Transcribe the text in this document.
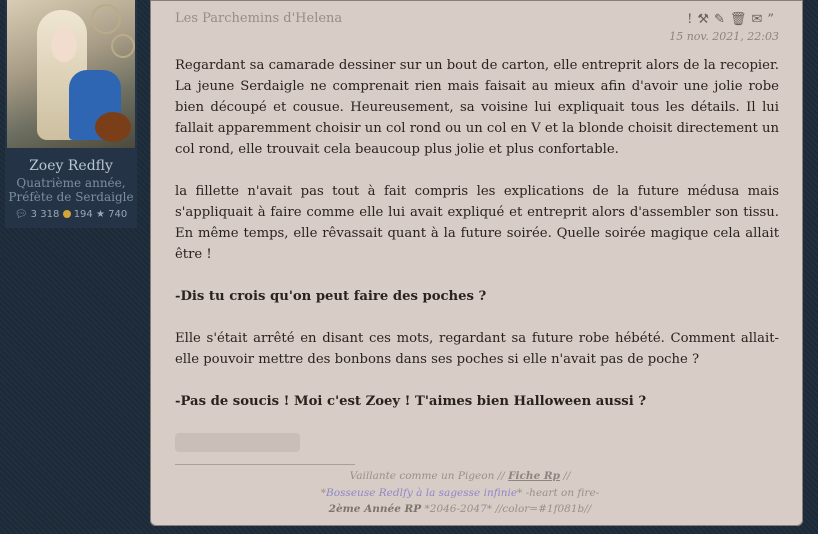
Zoey Redfly
Quatrième année,
Préfète de Serdaigle
💬︎ 3 318 194 ★ 740
Les Parchemins d'Helena	!⚒✎🗑︎✉”
15 nov. 2021, 22:03

Regardant sa camarade dessiner sur un bout de carton, elle entreprit alors de la recopier. La jeune Serdaigle ne comprenait rien mais faisait au mieux afin d'avoir une jolie robe bien découpé et cousue. Heureusement, sa voisine lui expliquait tous les détails. Il lui fallait apparemment choisir un col rond ou un col en V et la blonde choisit directement un col rond, elle trouvait cela beaucoup plus jolie et plus confortable.

la fillette n'avait pas tout à fait compris les explications de la future médusa mais s'appliquait à faire comme elle lui avait expliqué et entreprit alors d'assembler son tissu. En même temps, elle rêvassait quant à la future soirée. Quelle soirée magique cela allait être !

-Dis tu crois qu'on peut faire des poches ?

Elle s'était arrêté en disant ces mots, regardant sa future robe hébété. Comment allait-elle pouvoir mettre des bonbons dans ses poches si elle n'avait pas de poche ?

-Pas de soucis ! Moi c'est Zoey ! T'aimes bien Halloween aussi ?

Vaillante comme un Pigeon // Fiche Rp //
*Bosseuse Redlfy à la sagesse infinie* -heart on fire-
2ème Année RP *2046-2047* //color=#1f081b//
